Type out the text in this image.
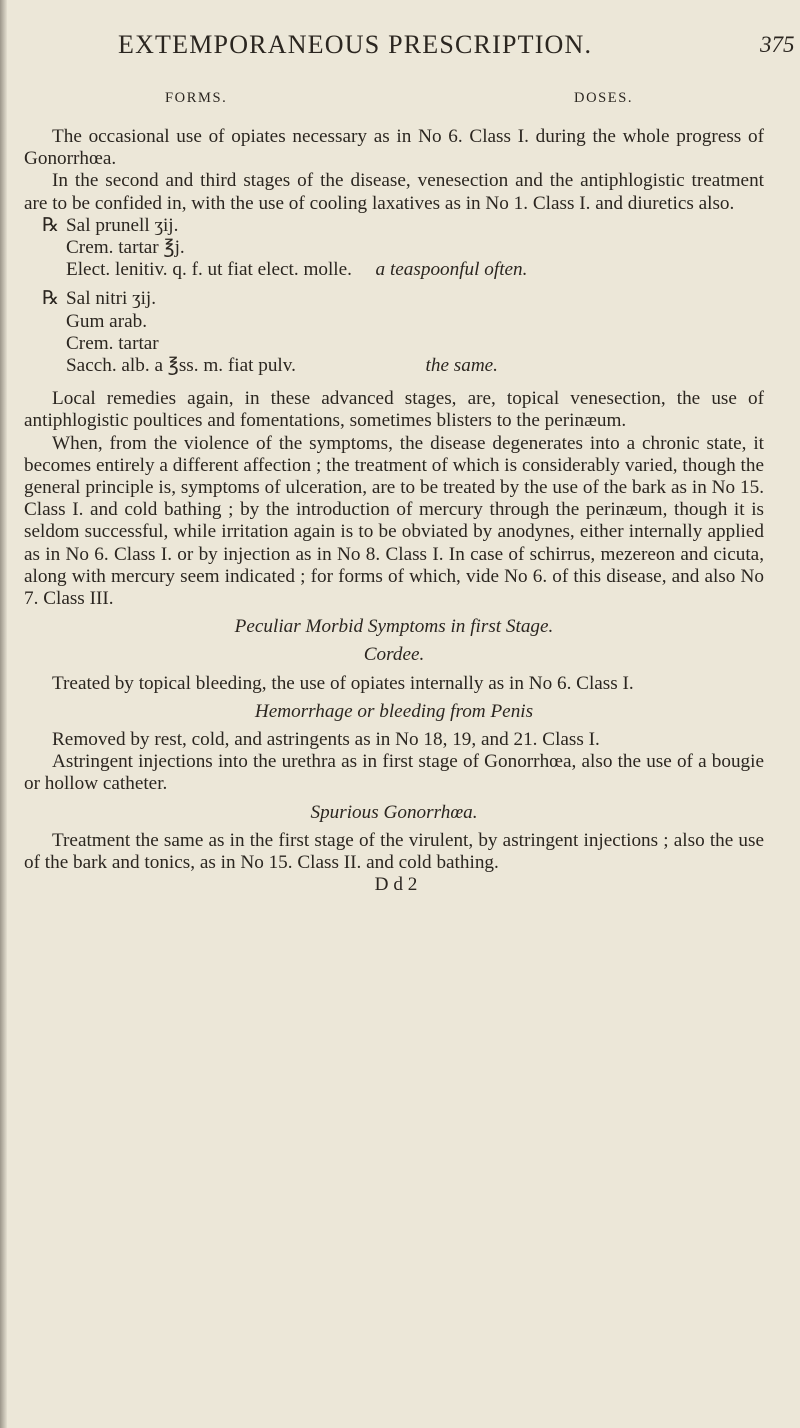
EXTEMPORANEOUS PRESCRIPTION.	375
FORMS.	DOSES.

The occasional use of opiates necessary as in No 6. Class I. during the whole progress of Gonorrhœa.

In the second and third stages of the disease, venesection and the antiphlogistic treatment are to be confided in, with the use of cooling laxatives as in No 1. Class I. and diuretics also.

℞ Sal prunell ʒij.
Crem. tartar ℥j.
Elect. lenitiv. q. f. ut fiat elect. molle. a teaspoonful often.
℞ Sal nitri ʒij.
Gum arab.
Crem. tartar
Sacch. alb. a ℥ss. m. fiat pulv.	the same.

Local remedies again, in these advanced stages, are, topical venesection, the use of antiphlogistic poultices and fomentations, sometimes blisters to the perinæum.

When, from the violence of the symptoms, the disease degenerates into a chronic state, it becomes entirely a different affection ; the treatment of which is considerably varied, though the general principle is, symptoms of ulceration, are to be treated by the use of the bark as in No 15. Class I. and cold bathing ; by the introduction of mercury through the perinæum, though it is seldom successful, while irritation again is to be obviated by anodynes, either internally applied as in No 6. Class I. or by injection as in No 8. Class I. In case of schirrus, mezereon and cicuta, along with mercury seem indicated ; for forms of which, vide No 6. of this disease, and also No 7. Class III.

Peculiar Morbid Symptoms in first Stage.

Cordee.

Treated by topical bleeding, the use of opiates internally as in No 6. Class I.

Hemorrhage or bleeding from Penis

Removed by rest, cold, and astringents as in No 18, 19, and 21. Class I.

Astringent injections into the urethra as in first stage of Gonorrhœa, also the use of a bougie or hollow catheter.

Spurious Gonorrhœa.

Treatment the same as in the first stage of the virulent, by astringent injections ; also the use of the bark and tonics, as in No 15. Class II. and cold bathing.

D d 2
